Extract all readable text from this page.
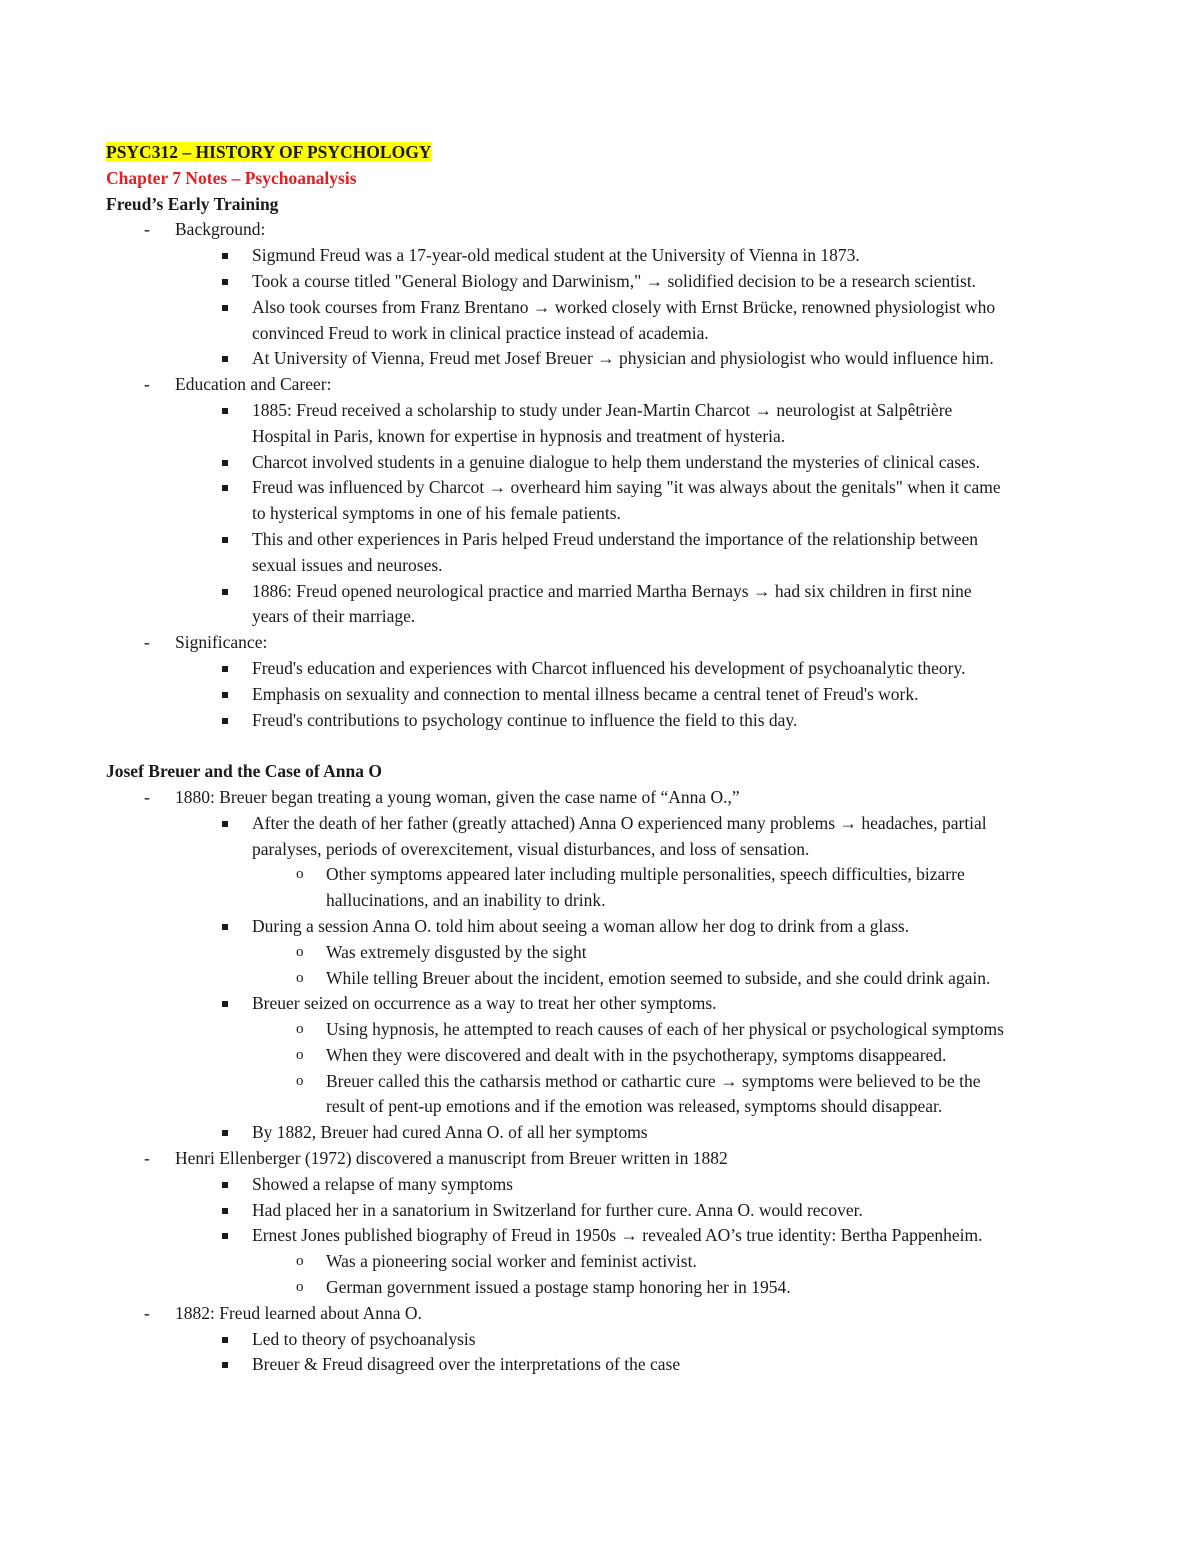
PSYC312 – HISTORY OF PSYCHOLOGY
Chapter 7 Notes – Psychoanalysis
Freud’s Early Training
- Background:
Sigmund Freud was a 17-year-old medical student at the University of Vienna in 1873.
Took a course titled "General Biology and Darwinism," → solidified decision to be a research scientist.
Also took courses from Franz Brentano → worked closely with Ernst Brücke, renowned physiologist who
convinced Freud to work in clinical practice instead of academia.
At University of Vienna, Freud met Josef Breuer → physician and physiologist who would influence him.
- Education and Career:
1885: Freud received a scholarship to study under Jean-Martin Charcot → neurologist at Salpêtrière
Hospital in Paris, known for expertise in hypnosis and treatment of hysteria.
Charcot involved students in a genuine dialogue to help them understand the mysteries of clinical cases.
Freud was influenced by Charcot → overheard him saying "it was always about the genitals" when it came
to hysterical symptoms in one of his female patients.
This and other experiences in Paris helped Freud understand the importance of the relationship between
sexual issues and neuroses.
1886: Freud opened neurological practice and married Martha Bernays → had six children in first nine
years of their marriage.
- Significance:
Freud's education and experiences with Charcot influenced his development of psychoanalytic theory.
Emphasis on sexuality and connection to mental illness became a central tenet of Freud's work.
Freud's contributions to psychology continue to influence the field to this day.
Josef Breuer and the Case of Anna O
- 1880: Breuer began treating a young woman, given the case name of “Anna O.,”
After the death of her father (greatly attached) Anna O experienced many problems → headaches, partial
paralyses, periods of overexcitement, visual disturbances, and loss of sensation.
o Other symptoms appeared later including multiple personalities, speech difficulties, bizarre
hallucinations, and an inability to drink.
During a session Anna O. told him about seeing a woman allow her dog to drink from a glass.
o Was extremely disgusted by the sight
o While telling Breuer about the incident, emotion seemed to subside, and she could drink again.
Breuer seized on occurrence as a way to treat her other symptoms.
o Using hypnosis, he attempted to reach causes of each of her physical or psychological symptoms
o When they were discovered and dealt with in the psychotherapy, symptoms disappeared.
o Breuer called this the catharsis method or cathartic cure → symptoms were believed to be the
result of pent-up emotions and if the emotion was released, symptoms should disappear.
By 1882, Breuer had cured Anna O. of all her symptoms
- Henri Ellenberger (1972) discovered a manuscript from Breuer written in 1882
Showed a relapse of many symptoms
Had placed her in a sanatorium in Switzerland for further cure. Anna O. would recover.
Ernest Jones published biography of Freud in 1950s → revealed AO’s true identity: Bertha Pappenheim.
o Was a pioneering social worker and feminist activist.
o German government issued a postage stamp honoring her in 1954.
- 1882: Freud learned about Anna O.
Led to theory of psychoanalysis
Breuer & Freud disagreed over the interpretations of the case
